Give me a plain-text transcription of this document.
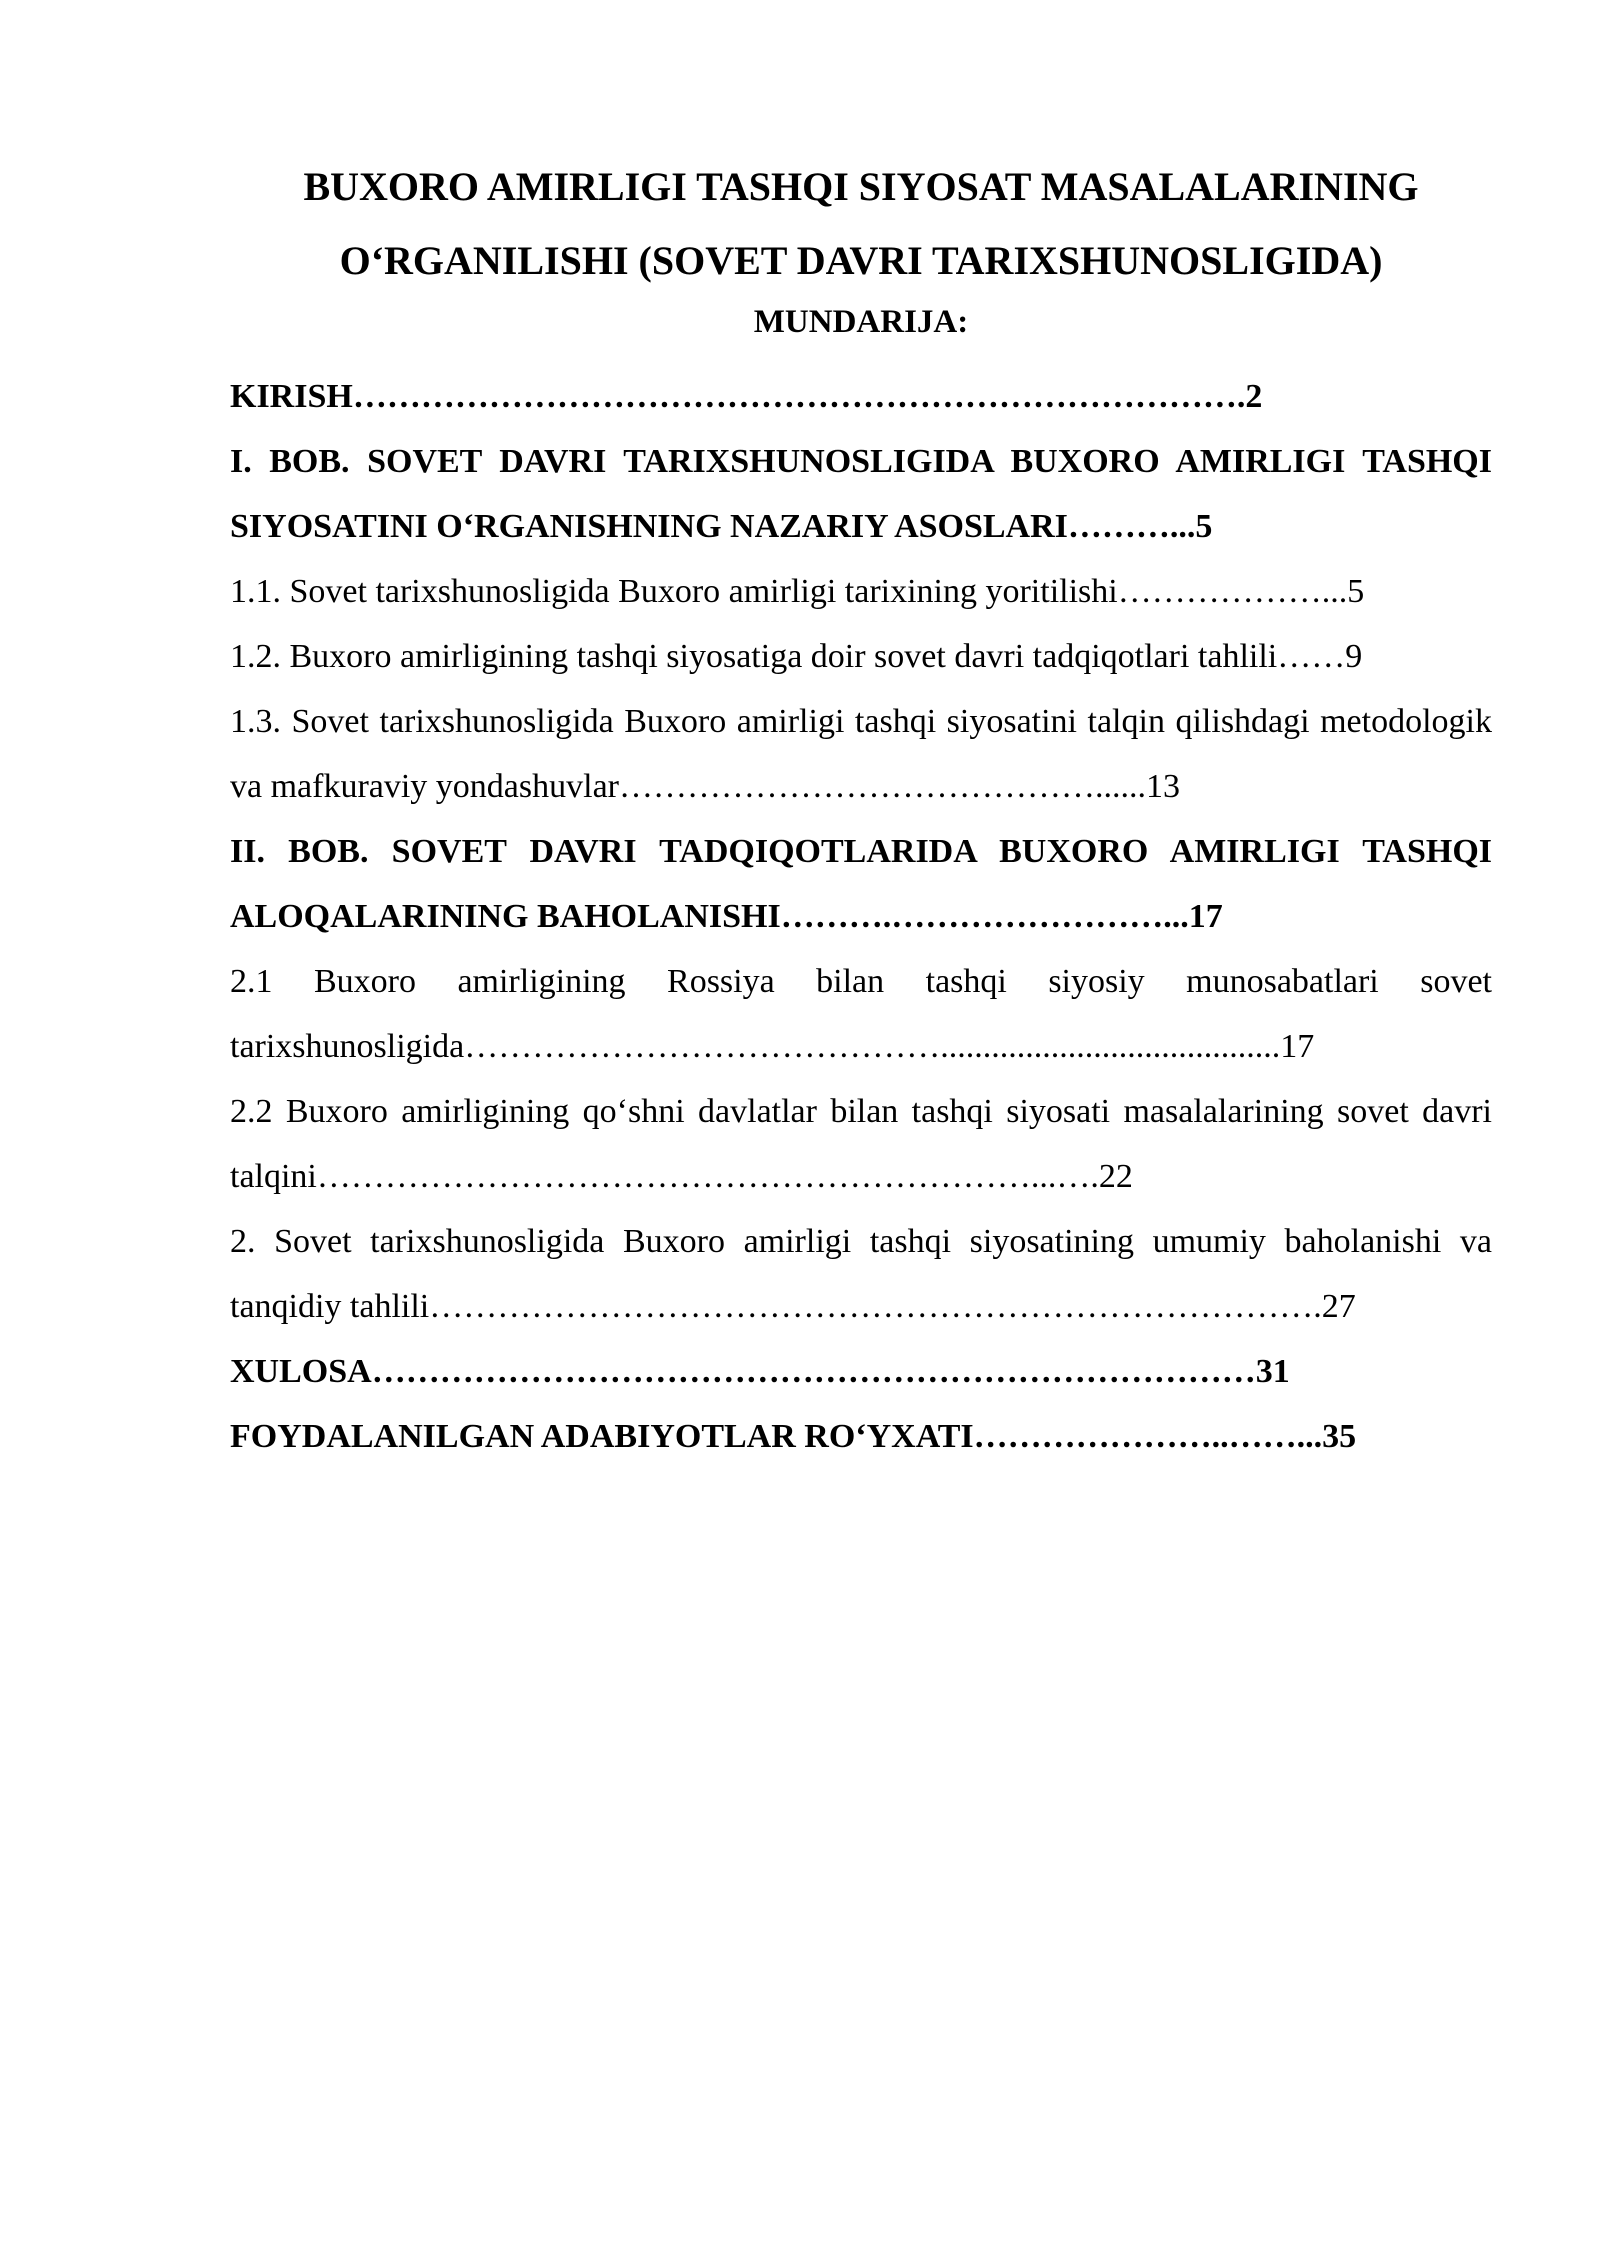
BUXORO AMIRLIGI TASHQI SIYOSAT MASALALARINING
O‘RGANILISHI (SOVET DAVRI TARIXSHUNOSLIGIDA)
MUNDARIJA:

KIRISH…………………………………………………………………….2

I. BOB. SOVET DAVRI TARIXSHUNOSLIGIDA BUXORO AMIRLIGI TASHQI SIYOSATINI O‘RGANISHNING NAZARIY ASOSLARI………...5

1.1. Sovet tarixshunosligida Buxoro amirligi tarixining yoritilishi………………...5

1.2. Buxoro amirligining tashqi siyosatiga doir sovet davri tadqiqotlari tahlili……9

1.3. Sovet tarixshunosligida Buxoro amirligi tashqi siyosatini talqin qilishdagi metodologik va mafkuraviy yondashuvlar……………………………………......13

II. BOB. SOVET DAVRI TADQIQOTLARIDA BUXORO AMIRLIGI TASHQI ALOQALARINING BAHOLANISHI……….……………………...17

2.1 Buxoro amirligining Rossiya bilan tashqi siyosiy munosabatlari sovet tarixshunosligida……………………………………........................................17

2.2 Buxoro amirligining qo‘shni davlatlar bilan tashqi siyosati masalalarining sovet davri talqini………………………………………………………...….22

2. Sovet tarixshunosligida Buxoro amirligi tashqi siyosatining umumiy baholanishi va tanqidiy tahlili…………………………………………………………………….27

XULOSA……………………………………………………………………31

FOYDALANILGAN ADABIYOTLAR RO‘YXATI…………………..……...35
